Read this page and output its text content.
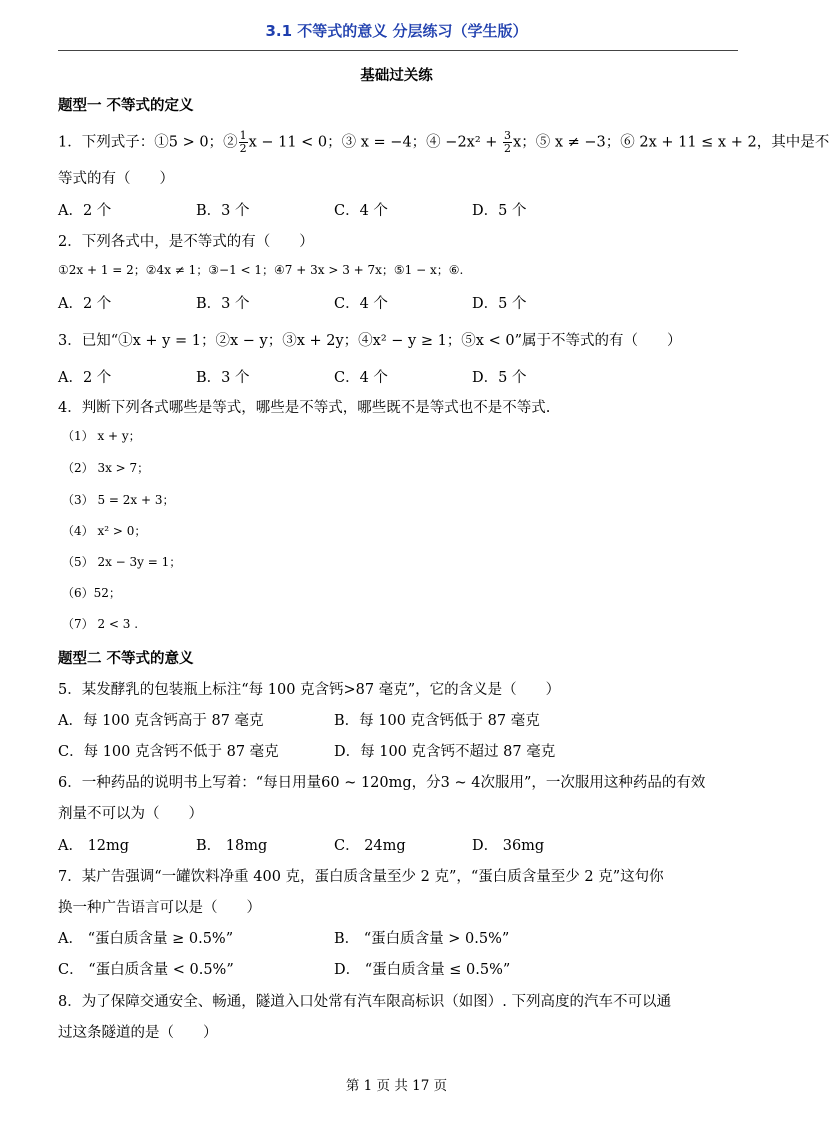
3.1 不等式的意义 分层练习（学生版）
基础过关练
题型一 不等式的定义
1．下列式子：①5 > 0；② $\frac{1}{2}$ x − 11 < 0；③ x = −4；④ $-2x^2 + \frac{3}{2}$ x；⑤ x ≠ −3；⑥ 2x + 11 ≤ x + 2，其中是不
等式的有（　　）
A．2 个	B．3 个	C．4 个	D．5 个
2．下列各式中，是不等式的有（　　）
①2x + 1 = 2；②4x ≠ 1；③−1 < 1；④7 + 3x > 3 + 7x；⑤1 − x；⑥.
A．2 个	B．3 个	C．4 个	D．5 个
3．已知“①x + y = 1；②x − y；③x + 2y；④x² − y ≥ 1；⑤x < 0”属于不等式的有（　　）
A．2 个	B．3 个	C．4 个	D．5 个
4．判断下列各式哪些是等式，哪些是不等式，哪些既不是等式也不是不等式.
（1） x + y；
（2） 3x > 7；
（3） 5 = 2x + 3；
（4） x² > 0；
（5） 2x − 3y = 1；
（6）52；
（7） 2 < 3 .
题型二 不等式的意义
5．某发酵乳的包装瓶上标注“每 100 克含钙>87 毫克”，它的含义是（　　）
A．每 100 克含钙高于 87 毫克	B．每 100 克含钙低于 87 毫克
C．每 100 克含钙不低于 87 毫克	D．每 100 克含钙不超过 87 毫克
6．一种药品的说明书上写着：“每日用量60 ~ 120mg，分3 ~ 4次服用”，一次服用这种药品的有效
剂量不可以为（　　）
A． 12mg	B． 18mg	C． 24mg	D． 36mg
7．某广告强调“一罐饮料净重 400 克，蛋白质含量至少 2 克”，“蛋白质含量至少 2 克”这句你
换一种广告语言可以是（　　）
A． “蛋白质含量 ≥ 0.5%”	B． “蛋白质含量 > 0.5%”
C． “蛋白质含量 < 0.5%”	D． “蛋白质含量 ≤ 0.5%”
8．为了保障交通安全、畅通，隧道入口处常有汽车限高标识（如图）. 下列高度的汽车不可以通
过这条隧道的是（　　）
第 1 页 共 17 页
